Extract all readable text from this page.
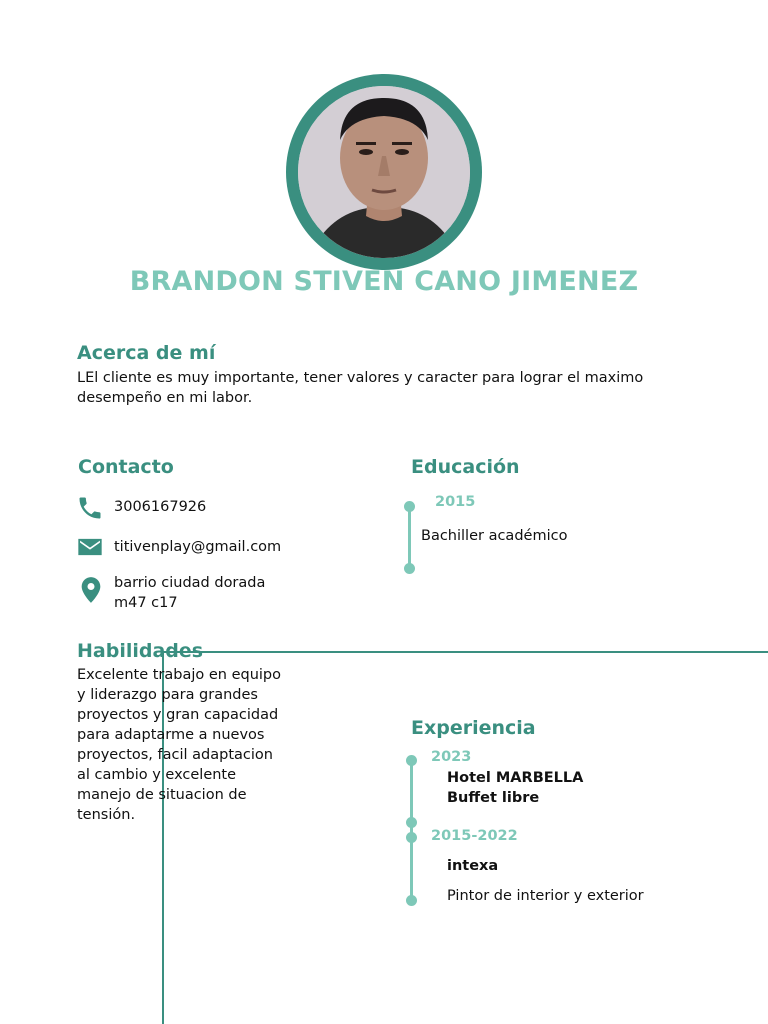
BRANDON STIVEN CANO JIMENEZ
Acerca de mí
LEl cliente es muy importante, tener valores y caracter para lograr el maximo desempeño en mi labor.
Contacto
3006167926
titivenplay@gmail.com
barrio ciudad dorada
m47 c17
Educación
2015
Bachiller académico
Habilidades
Excelente trabajo en equipo
y liderazgo para grandes
proyectos y gran capacidad
para adaptarme a nuevos
proyectos, facil adaptacion
al cambio y excelente
manejo de situacion de
tensión.
Experiencia
2023
Hotel MARBELLA
Buffet libre
2015-2022
intexa
Pintor de interior y exterior
